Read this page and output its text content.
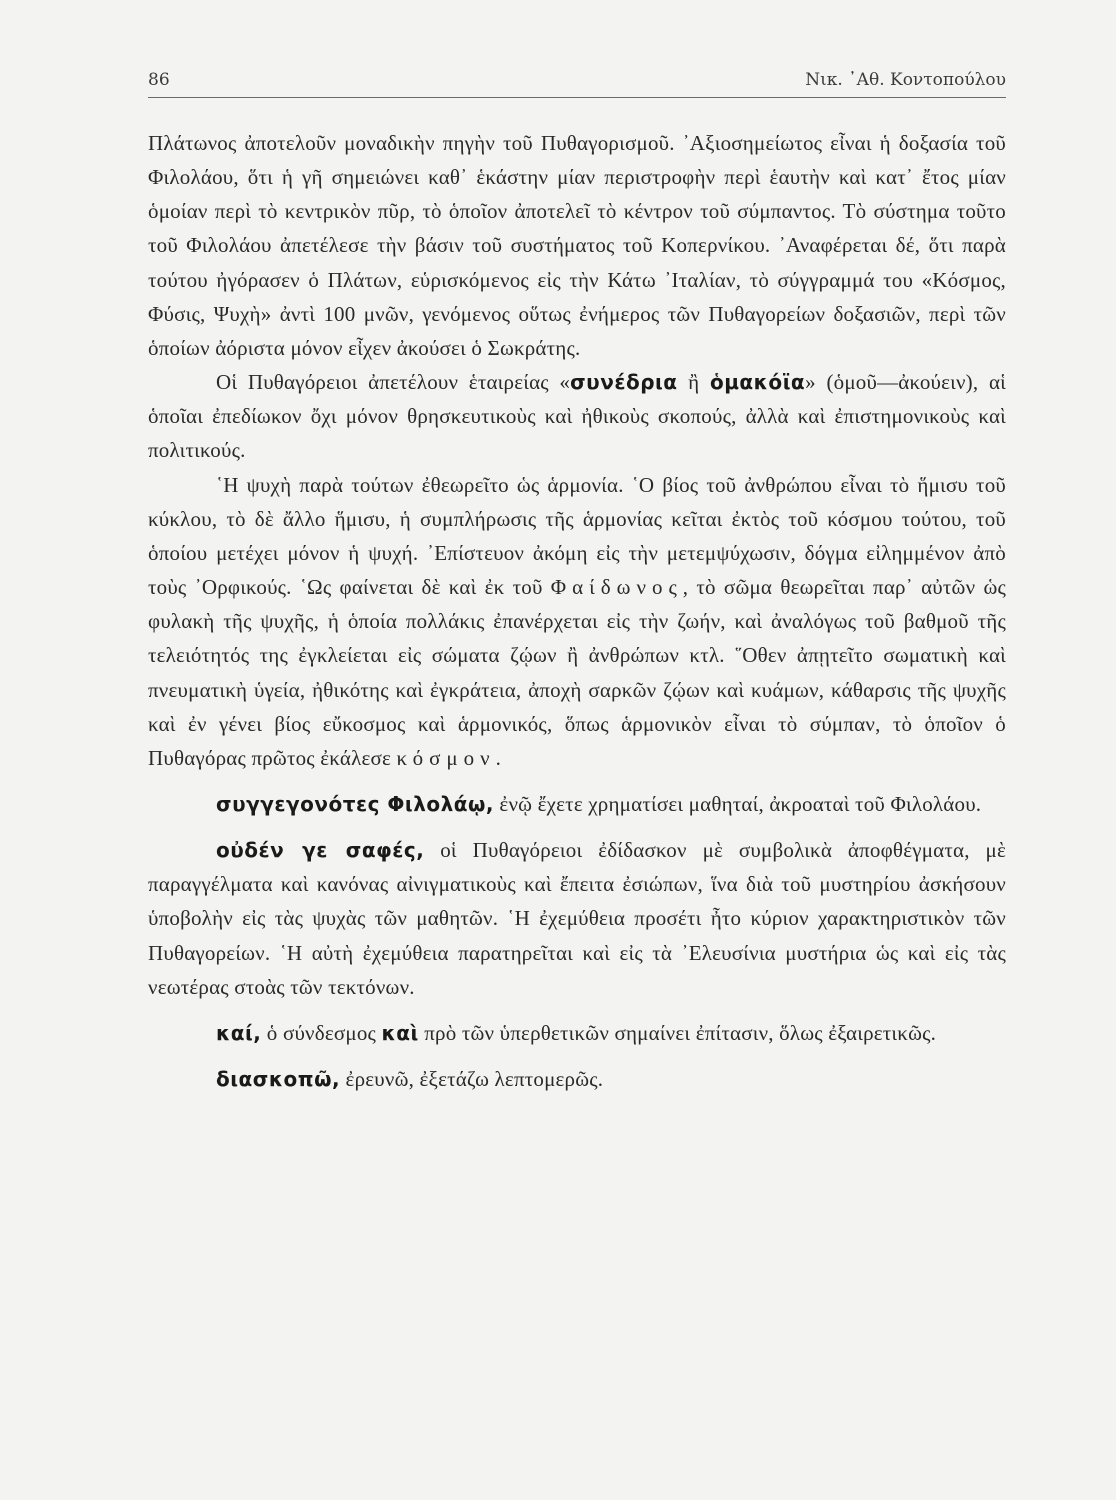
86	Νικ. ᾿Αθ. Κοντοπούλου

Πλάτωνος ἀποτελοῦν μοναδικὴν πηγὴν τοῦ Πυθαγορισμοῦ. ᾿Αξιοσημείωτος εἶναι ἡ δοξασία τοῦ Φιλολάου, ὅτι ἡ γῆ σημειώνει καθ᾿ ἑκάστην μίαν περιστροφὴν περὶ ἑαυτὴν καὶ κατ᾿ ἔτος μίαν ὁμοίαν περὶ τὸ κεντρικὸν πῦρ, τὸ ὁποῖον ἀποτελεῖ τὸ κέντρον τοῦ σύμπαντος. Τὸ σύστημα τοῦτο τοῦ Φιλολάου ἀπετέλεσε τὴν βάσιν τοῦ συστήματος τοῦ Κοπερνίκου. ᾿Αναφέρεται δέ, ὅτι παρὰ τούτου ἠγόρασεν ὁ Πλάτων, εὑρισκόμενος εἰς τὴν Κάτω ᾿Ιταλίαν, τὸ σύγγραμμά του «Κόσμος, Φύσις, Ψυχὴ» ἀντὶ 100 μνῶν, γενόμενος οὕτως ἐνήμερος τῶν Πυθαγορείων δοξασιῶν, περὶ τῶν ὁποίων ἀόριστα μόνον εἶχεν ἀκούσει ὁ Σωκράτης.

Οἱ Πυθαγόρειοι ἀπετέλουν ἑταιρείας «συνέδρια ἢ ὁμακόϊα» (ὁμοῦ—ἀκούειν), αἱ ὁποῖαι ἐπεδίωκον ὄχι μόνον θρησκευτικοὺς καὶ ἠθικοὺς σκοπούς, ἀλλὰ καὶ ἐπιστημονικοὺς καὶ πολιτικούς.

῾Η ψυχὴ παρὰ τούτων ἐθεωρεῖτο ὡς ἁρμονία. ῾Ο βίος τοῦ ἀνθρώπου εἶναι τὸ ἥμισυ τοῦ κύκλου, τὸ δὲ ἄλλο ἥμισυ, ἡ συμπλήρωσις τῆς ἁρμονίας κεῖται ἐκτὸς τοῦ κόσμου τούτου, τοῦ ὁποίου μετέχει μόνον ἡ ψυχή. ᾿Επίστευον ἀκόμη εἰς τὴν μετεμψύχωσιν, δόγμα εἰλημμένον ἀπὸ τοὺς ᾿Ορφικούς. ῾Ως φαίνεται δὲ καὶ ἐκ τοῦ Φαίδωνος, τὸ σῶμα θεωρεῖται παρ᾿ αὐτῶν ὡς φυλακὴ τῆς ψυχῆς, ἡ ὁποία πολλάκις ἐπανέρχεται εἰς τὴν ζωήν, καὶ ἀναλόγως τοῦ βαθμοῦ τῆς τελειότητός της ἐγκλείεται εἰς σώματα ζῴων ἢ ἀνθρώπων κτλ. ῞Οθεν ἀπῃτεῖτο σωματικὴ καὶ πνευματικὴ ὑγεία, ἠθικότης καὶ ἐγκράτεια, ἀποχὴ σαρκῶν ζῴων καὶ κυάμων, κάθαρσις τῆς ψυχῆς καὶ ἐν γένει βίος εὔκοσμος καὶ ἁρμονικός, ὅπως ἁρμονικὸν εἶναι τὸ σύμπαν, τὸ ὁποῖον ὁ Πυθαγόρας πρῶτος ἐκάλεσε κόσμον.

συγγεγονότες Φιλολάῳ, ἐνῷ ἔχετε χρηματίσει μαθηταί, ἀκροαταὶ τοῦ Φιλολάου.

οὐδέν γε σαφές, οἱ Πυθαγόρειοι ἐδίδασκον μὲ συμβολικὰ ἀποφθέγματα, μὲ παραγγέλματα καὶ κανόνας αἰνιγματικοὺς καὶ ἔπειτα ἐσιώπων, ἵνα διὰ τοῦ μυστηρίου ἀσκήσουν ὑποβολὴν εἰς τὰς ψυχὰς τῶν μαθητῶν. ῾Η ἐχεμύθεια προσέτι ἦτο κύριον χαρακτηριστικὸν τῶν Πυθαγορείων. ῾Η αὐτὴ ἐχεμύθεια παρατηρεῖται καὶ εἰς τὰ ᾿Ελευσίνια μυστήρια ὡς καὶ εἰς τὰς νεωτέρας στοὰς τῶν τεκτόνων.

καί, ὁ σύνδεσμος καὶ πρὸ τῶν ὑπερθετικῶν σημαίνει ἐπίτασιν, ὅλως ἐξαιρετικῶς.

διασκοπῶ, ἐρευνῶ, ἐξετάζω λεπτομερῶς.
